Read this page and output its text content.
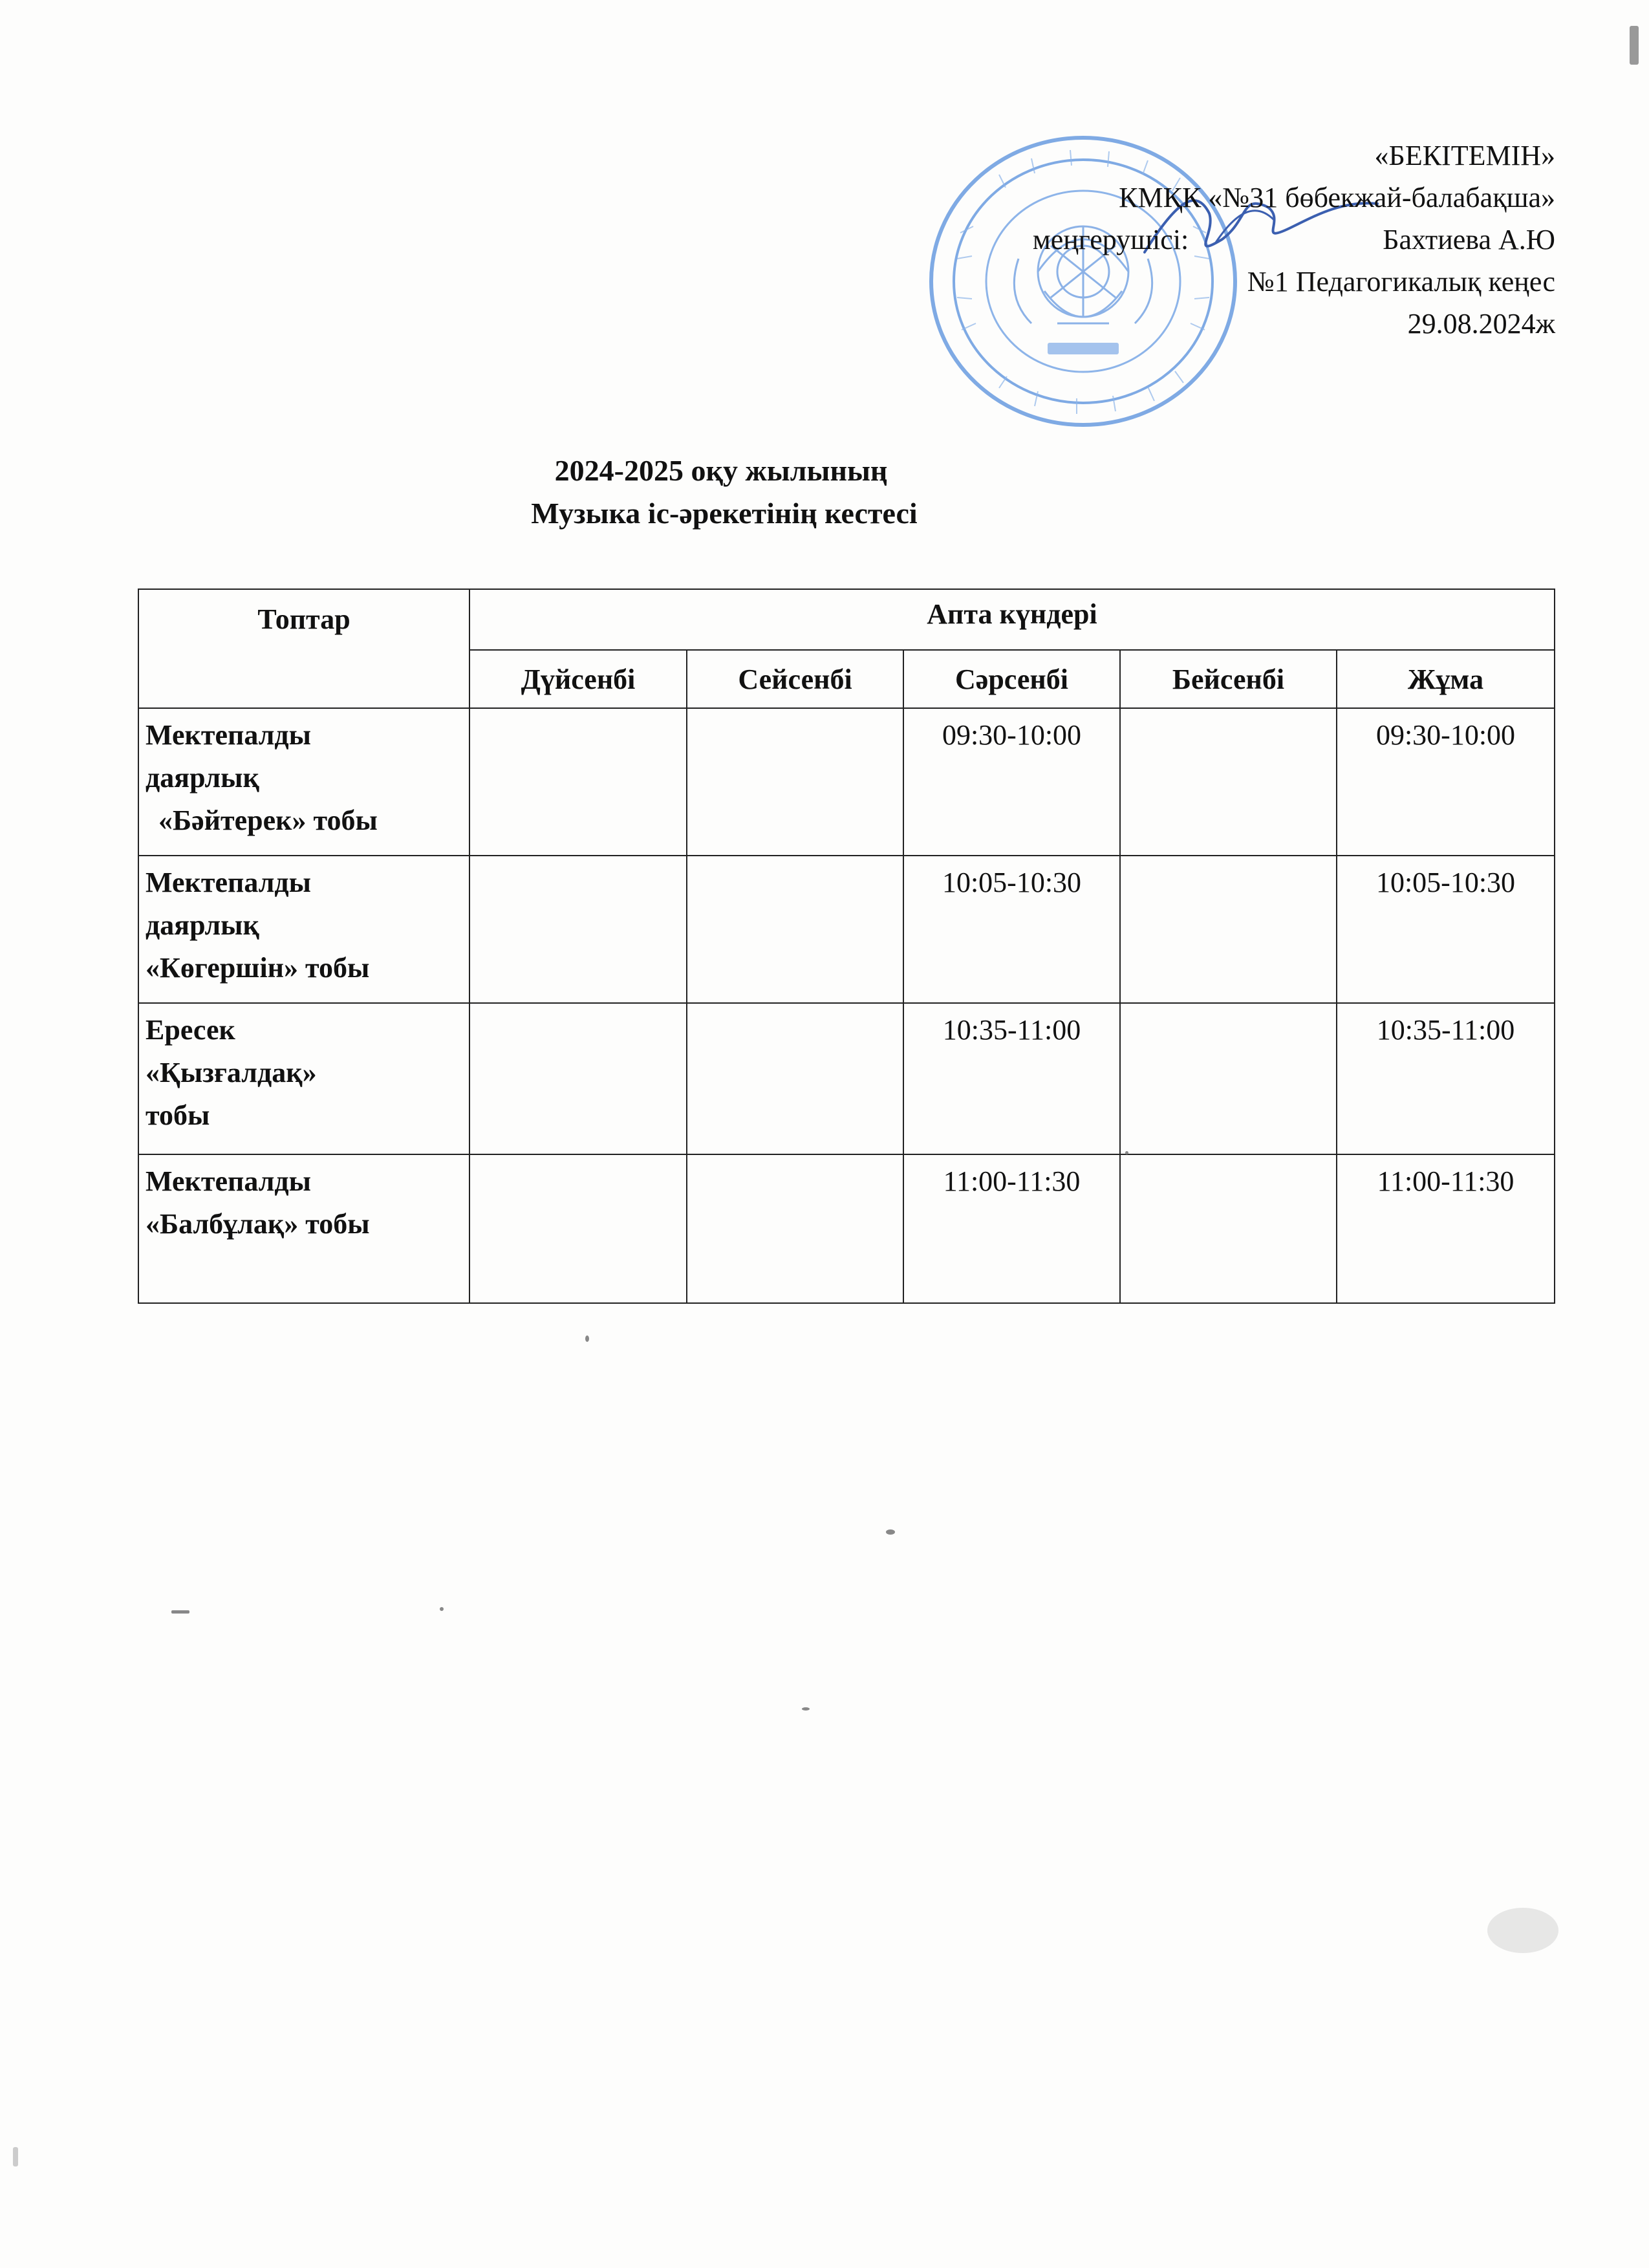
«БЕКІТЕМІН»
КМҚК «№31 бөбекжай-балабақша»
меңгерушісі:	Бахтиева А.Ю
№1 Педагогикалық кеңес
29.08.2024ж
2024-2025 оқу жылының
Музыка іс-әрекетінің кестесі
Топтар	Апта күндері				
	Дүйсенбі	Сейсенбі	Сәрсенбі	Бейсенбі	Жұма

Мектепалды
даярлық
«Бәйтерек» тобы			09:30-10:00		09:30-10:00

Мектепалды
даярлық
«Көгершін» тобы			10:05-10:30		10:05-10:30

Ересек
«Қызғалдақ»
тобы			10:35-11:00		10:35-11:00

Мектепалды
«Балбұлақ» тобы			11:00-11:30		11:00-11:30
